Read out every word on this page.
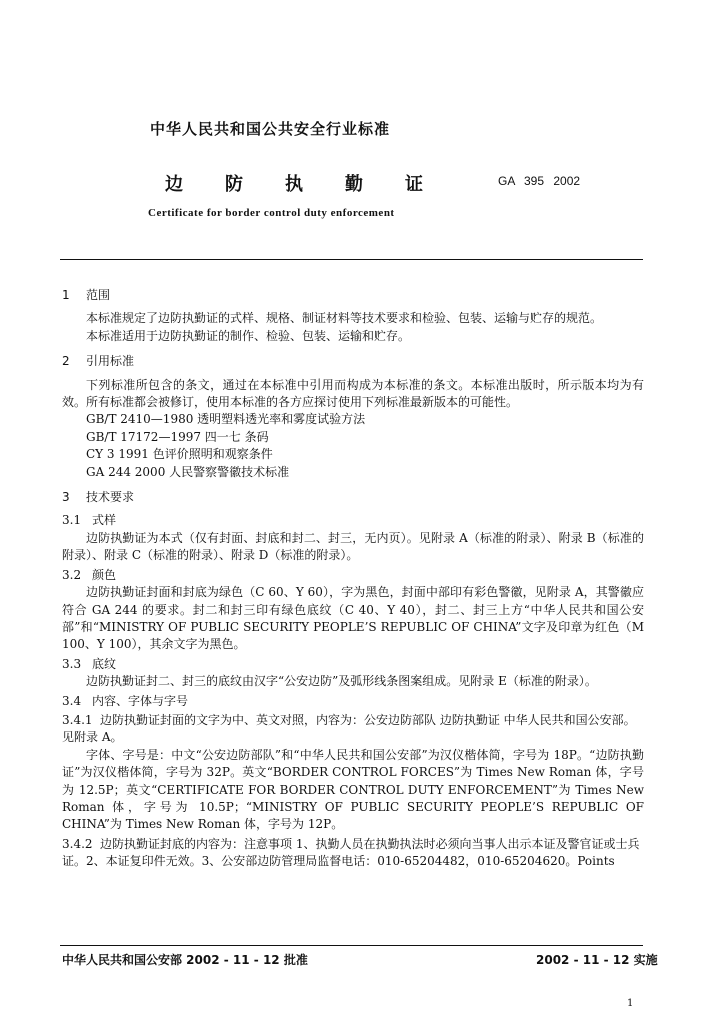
中华人民共和国公共安全行业标准
边防执勤证	GA 395 2002
Certificate for border control duty enforcement

1 范围

本标准规定了边防执勤证的式样、规格、制证材料等技术要求和检验、包装、运输与贮存的规范。

本标准适用于边防执勤证的制作、检验、包装、运输和贮存。

2 引用标准

下列标准所包含的条文，通过在本标准中引用而构成为本标准的条文。本标准出版时，所示版本均为有效。所有标准都会被修订，使用本标准的各方应探讨使用下列标准最新版本的可能性。

GB/T 2410—1980 透明塑料透光率和雾度试验方法

GB/T 17172—1997 四一七 条码

CY 3 1991 色评价照明和观察条件

GA 244 2000 人民警察警徽技术标准

3 技术要求

3.1 式样

边防执勤证为本式（仅有封面、封底和封二、封三，无内页）。见附录 A（标准的附录）、附录 B（标准的附录）、附录 C（标准的附录）、附录 D（标准的附录）。

3.2 颜色

边防执勤证封面和封底为绿色（C 60、Y 60），字为黑色，封面中部印有彩色警徽，见附录 A，其警徽应符合 GA 244 的要求。封二和封三印有绿色底纹（C 40、Y 40），封二、封三上方“中华人民共和国公安部”和“MINISTRY OF PUBLIC SECURITY PEOPLE’S REPUBLIC OF CHINA”文字及印章为红色（M 100、Y 100），其余文字为黑色。

3.3 底纹

边防执勤证封二、封三的底纹由汉字“公安边防”及弧形线条图案组成。见附录 E（标准的附录）。

3.4 内容、字体与字号

3.4.1 边防执勤证封面的文字为中、英文对照，内容为：公安边防部队 边防执勤证 中华人民共和国公安部。见附录 A。

字体、字号是：中文“公安边防部队”和“中华人民共和国公安部”为汉仪楷体简，字号为 18P。“边防执勤证”为汉仪楷体简，字号为 32P。英文“BORDER CONTROL FORCES”为 Times New Roman 体，字号为 12.5P；英文“CERTIFICATE FOR BORDER CONTROL DUTY ENFORCEMENT”为 Times New Roman 体，字号为 10.5P；“MINISTRY OF PUBLIC SECURITY PEOPLE’S REPUBLIC OF CHINA”为 Times New Roman 体，字号为 12P。

3.4.2 边防执勤证封底的内容为：注意事项 1、执勤人员在执勤执法时必须向当事人出示本证及警官证或士兵证。2、本证复印件无效。3、公安部边防管理局监督电话：010-65204482，010-65204620。Points

中华人民共和国公安部 2002 - 11 - 12 批准	2002 - 11 - 12 实施
1
